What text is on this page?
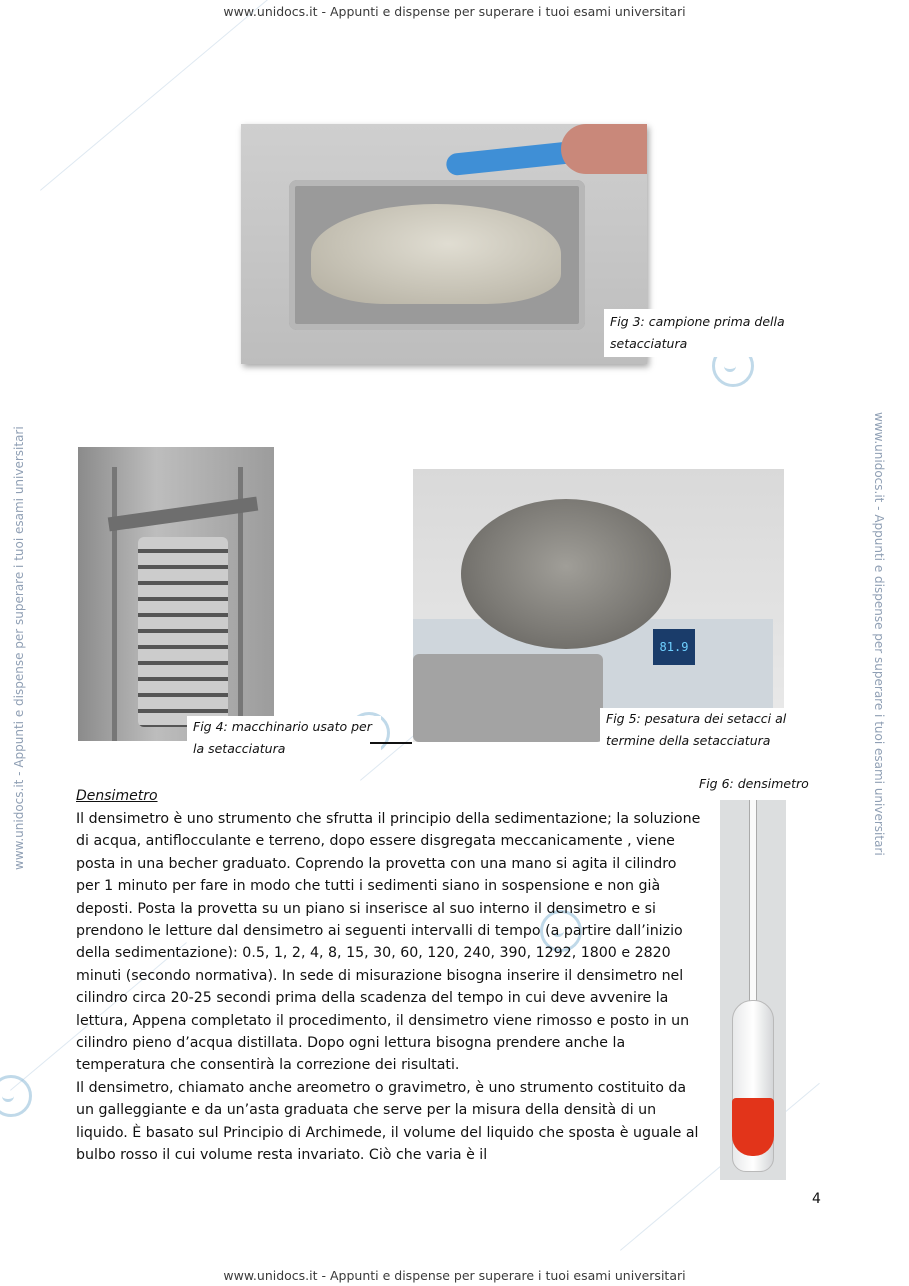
www.unidocs.it - Appunti e dispense per superare i tuoi esami universitari
www.unidocs.it - Appunti e dispense per superare i tuoi esami universitari
www.unidocs.it - Appunti e dispense per superare i tuoi esami universitari	www.unidocs.it - Appunti e dispense per superare i tuoi esami universitari
Fig 3: campione prima della setacciatura
Fig 4: macchinario usato per la setacciatura
81.9
Fig 5: pesatura dei setacci al termine della setacciatura
Fig 6: densimetro
Densimetro

Il densimetro è uno strumento che sfrutta il principio della sedimentazione; la soluzione di acqua, antiflocculante e terreno, dopo essere disgregata meccanicamente , viene posta in una becher graduato. Coprendo la provetta con una mano si agita il cilindro per 1 minuto per fare in modo che tutti i sedimenti siano in sospensione e non già deposti. Posta la provetta su un piano si inserisce al suo interno il densimetro e si prendono le letture dal densimetro ai seguenti intervalli di tempo (a partire dall’inizio della sedimentazione): 0.5, 1, 2, 4, 8, 15, 30, 60, 120, 240, 390, 1292, 1800 e 2820 minuti (secondo normativa). In sede di misurazione bisogna inserire il densimetro nel cilindro circa 20-25 secondi prima della scadenza del tempo in cui deve avvenire la lettura, Appena completato il procedimento, il densimetro viene rimosso e posto in un cilindro pieno d’acqua distillata. Dopo ogni lettura bisogna prendere anche la temperatura che consentirà la correzione dei risultati.

Il densimetro, chiamato anche areometro o gravimetro, è uno strumento costituito da un galleggiante e da un’asta graduata che serve per la misura della densità di un liquido. È basato sul Principio di Archimede, il volume del liquido che sposta è uguale al bulbo rosso il cui volume resta invariato. Ciò che varia è il

4
